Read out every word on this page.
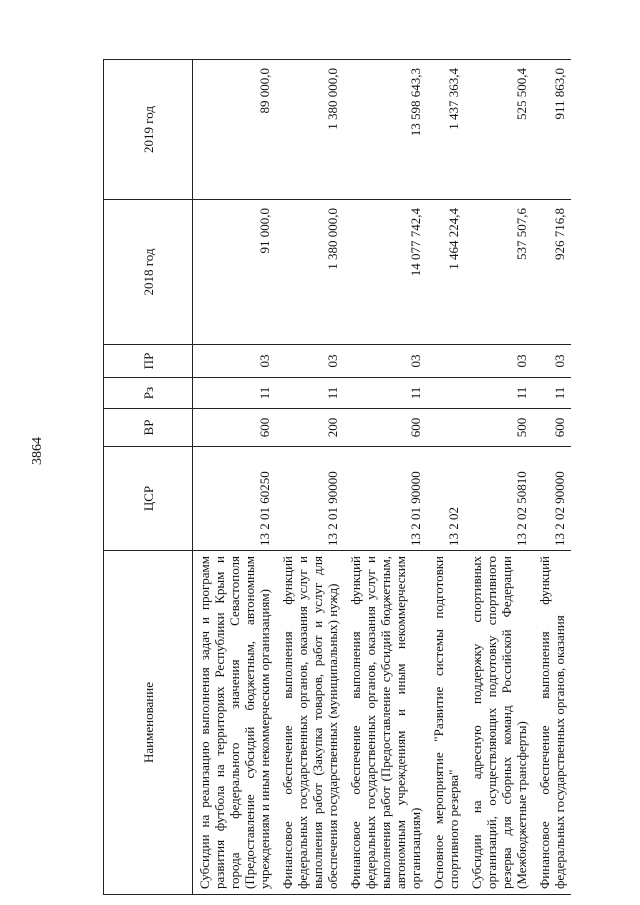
3864
Наименование	ЦСР	ВР	Рз	ПР	2018 год	2019 год
Субсидии на реализацию выполнения задач и программ развития футбола на территориях Республики Крым и города федерального значения Севастополя (Предоставление субсидий бюджетным, автономным учреждениям и иным некоммерческим организациям)	13 2 01 60250	600	11	03	91 000,0	89 000,0
Финансовое обеспечение выполнения функций федеральных государственных органов, оказания услуг и выполнения работ (Закупка товаров, работ и услуг для обеспечения государственных (муниципальных) нужд)	13 2 01 90000	200	11	03	1 380 000,0	1 380 000,0
Финансовое обеспечение выполнения функций федеральных государственных органов, оказания услуг и выполнения работ (Предоставление субсидий бюджетным, автономным учреждениям и иным некоммерческим организациям)	13 2 01 90000	600	11	03	14 077 742,4	13 598 643,3
Основное мероприятие "Развитие системы подготовки спортивного резерва"	13 2 02				1 464 224,4	1 437 363,4
Субсидии на адресную поддержку спортивных организаций, осуществляющих подготовку спортивного резерва для сборных команд Российской Федерации (Межбюджетные трансферты)	13 2 02 50810	500	11	03	537 507,6	525 500,4
Финансовое обеспечение выполнения функций федеральных государственных органов, оказания	13 2 02 90000	600	11	03	926 716,8	911 863,0
